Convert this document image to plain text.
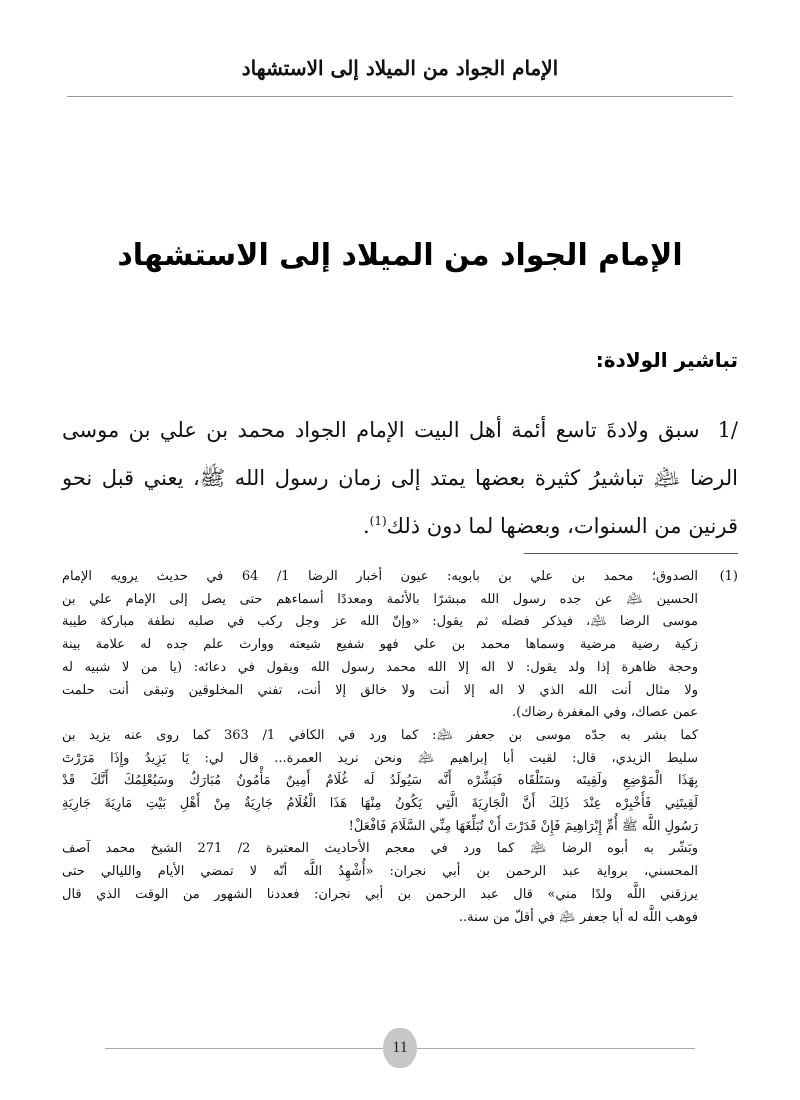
الإمام الجواد من الميلاد إلى الاستشهاد
الإمام الجواد من الميلاد إلى الاستشهاد
تباشير الولادة:
1/سبق ولادةَ تاسع أئمة أهل البيت الإمام الجواد محمد بن علي بن موسى الرضا ﵇ تباشيرُ كثيرة بعضها يمتد إلى زمان رسول الله ﷺ، يعني قبل نحو قرنين من السنوات، وبعضها لما دون ذلك$^{(1)}$.
(1)
الصدوق؛ محمد بن علي بن بابويه: عيون أخبار الرضا 1/ 64 في حديث يرويه الإمام
الحسين ﵇ عن جده رسول الله مبشرًا بالأئمة ومعددًا أسماءهم حتى يصل إلى الإمام علي بن
موسى الرضا ﵇، فيذكر فضله ثم يقول: «وإنّ الله عز وجل ركب في صلبه نطفة مباركة طيبة
زكية رضية مرضية وسماها محمد بن علي فهو شفيع شيعته ووارث علم جده له علامة بينة
وحجة ظاهرة إذا ولد يقول: لا اله إلا الله محمد رسول الله ويقول في دعائه: (يا من لا شبيه له
ولا مثال أنت الله الذي لا اله إلا أنت ولا خالق إلا أنت، تفني المخلوقين وتبقى أنت حلمت
عمن عصاك، وفي المغفرة رضاك).
كما بشر به جدّه موسى بن جعفر ﵇: كما ورد في الكافي 1/ 363 كما روى عنه يزيد بن
سليط الزيدي، قال: لقيت أبا إبراهيم ﵇ ونحن نريد العمرة... قال لي: يَا يَزِيدُ وإِذَا مَرَرْتَ
بِهَذَا الْمَوْضِعِ ولَقِيتَه وسَتَلْقَاه فَبَشِّرْه أَنَّه سَيُولَدُ لَه غُلَامٌ أَمِينٌ مَأْمُونٌ مُبَارَكٌ وسَيُعْلِمُكَ أَنَّكَ قَدْ
لَقِيتَنِي فَأَخْبِرْه عِنْدَ ذَلِكَ أَنَّ الْجَارِيَةَ الَّتِي يَكُونُ مِنْهَا هَذَا الْغُلَامُ جَارِيَةٌ مِنْ أَهْلِ بَيْتِ مَارِيَةَ جَارِيَةِ
رَسُولِ اللَّه ﷺ أُمِّ إِبْرَاهِيمَ فَإِنْ قَدَرْتَ أَنْ تُبَلِّغَهَا مِنِّي السَّلَامَ فَافْعَلْ!
وبَشّر به أبوه الرضا ﵇ كما ورد في معجم الأحاديث المعتبرة 2/ 271 الشيخ محمد آصف
المحسني، برواية عبد الرحمن بن أبي نجران: «أُشْهِدُ اللَّه أنّه لا تمضي الأيام والليالي حتى
يرزقني اللَّه ولدًا مني» قال عبد الرحمن بن أبي نجران: فعددنا الشهور من الوقت الذي قال
فوهب اللَّه له أبا جعفر ﵇ في أقلّ من سنة..
11
